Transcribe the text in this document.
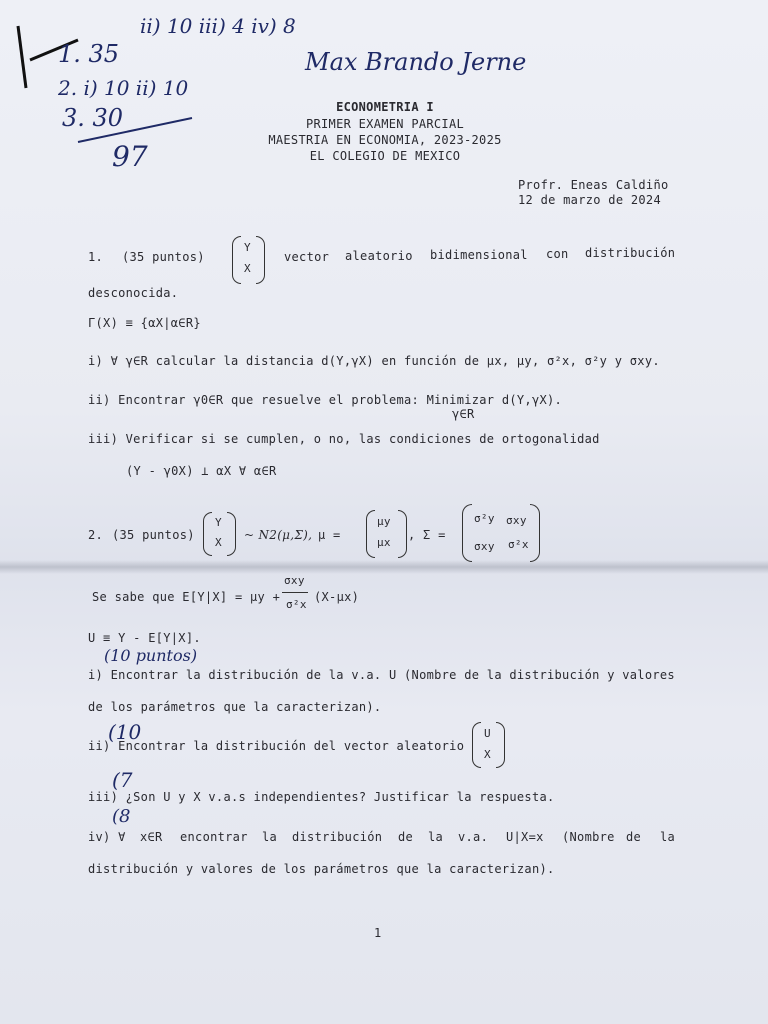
1. 35
ii) 10 iii) 4 iv) 8
2. i) 10 ii) 10
3. 30
97
Max Brando Jerne
ECONOMETRIA I
PRIMER EXAMEN PARCIAL
MAESTRIA EN ECONOMIA, 2023-2025
EL COLEGIO DE MEXICO
Profr. Eneas Caldiño
12 de marzo de 2024
1. (35 puntos)
Y
X
vector aleatorio bidimensional con distribución
desconocida.
Γ(X) ≡ {αX|α∈R}
i) ∀ γ∈R calcular la distancia d(Y,γX) en función de μx, μy, σ²x, σ²y y σxy.
ii) Encontrar γ0∈R que resuelve el problema: Minimizar d(Y,γX).
γ∈R
iii) Verificar si se cumplen, o no, las condiciones de ortogonalidad
(Y - γ0X) ⊥ αX ∀ α∈R
2. (35 puntos)
Y
X
~ N2(μ,Σ), μ =
μy
μx
, Σ =
σ²y σxy
σxy σ²x
Se sabe que E[Y|X] = μy +
σxy
σ²x
(X-μx)
U ≡ Y - E[Y|X].
(10 puntos)
i) Encontrar la distribución de la v.a. U (Nombre de la distribución y valores
de los parámetros que la caracterizan).
(10
ii) Encontrar la distribución del vector aleatorio
U
X
(7
iii) ¿Son U y X v.a.s independientes? Justificar la respuesta.
(8
iv) ∀ x∈R encontrar la distribución de la v.a. U|X=x (Nombre de la
distribución y valores de los parámetros que la caracterizan).
1
